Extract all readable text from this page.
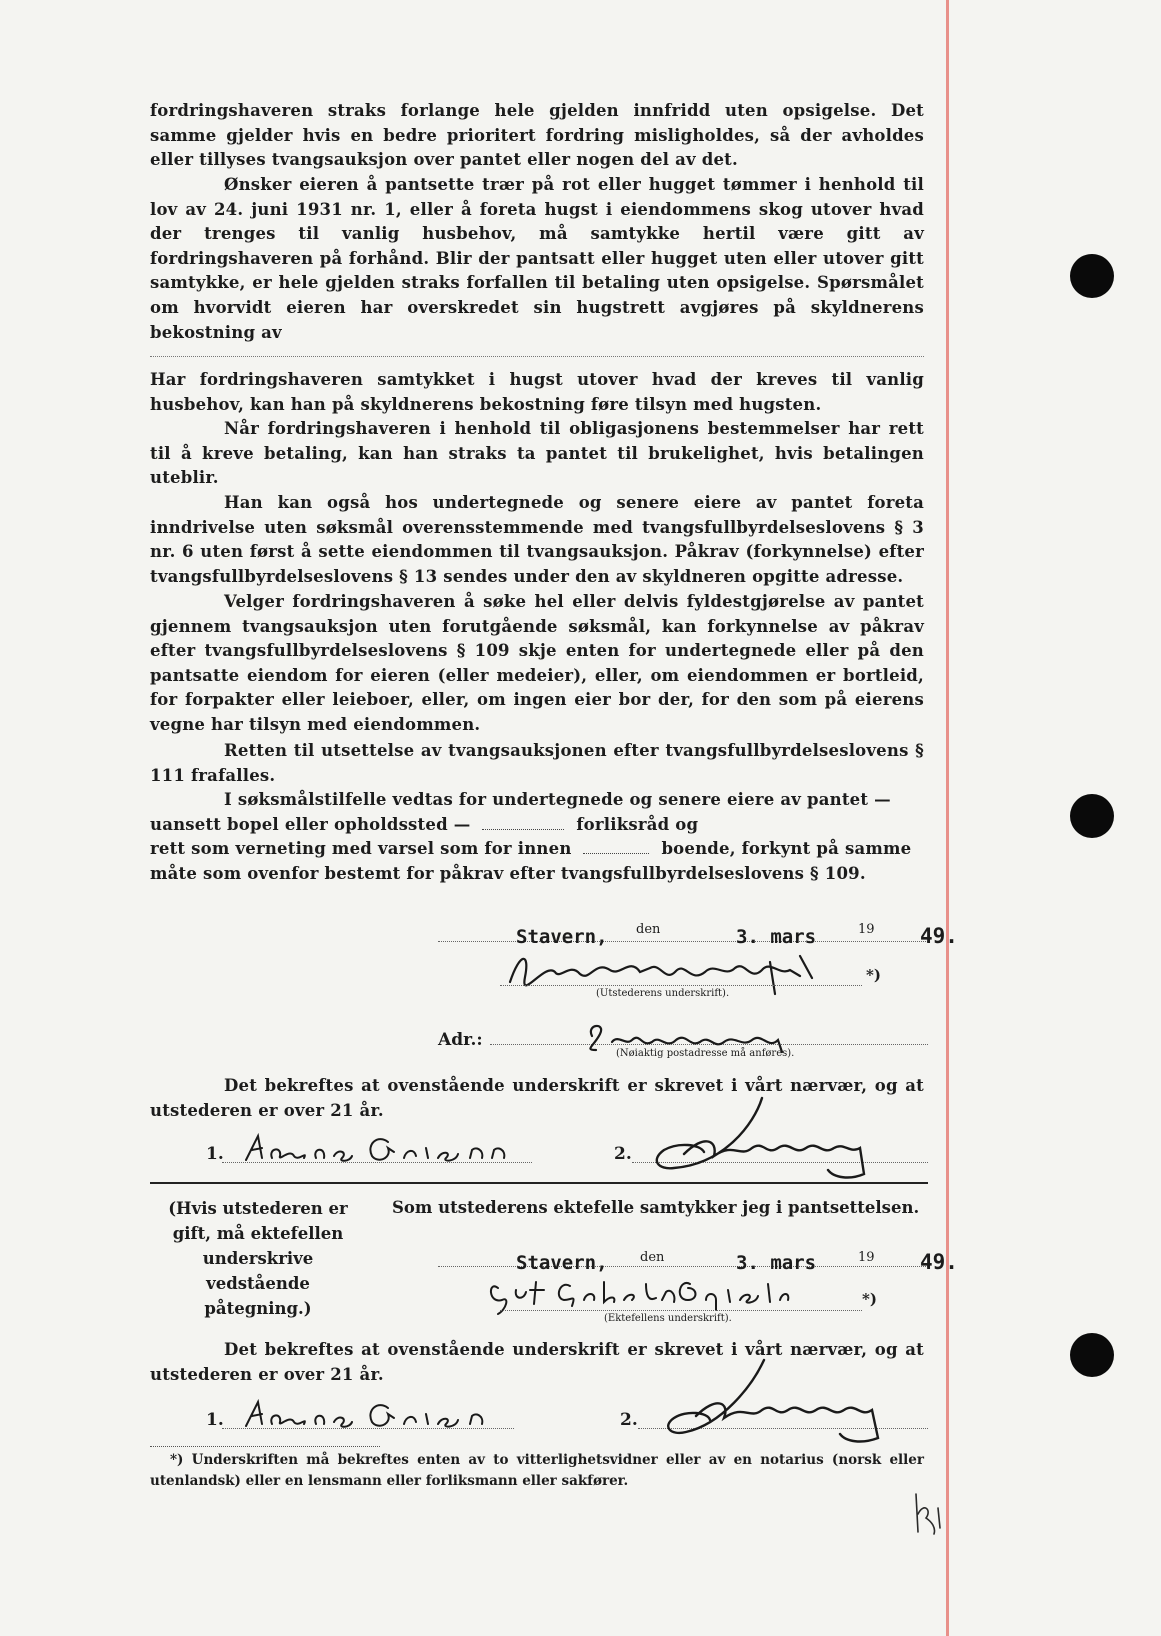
fordringshaveren straks forlange hele gjelden innfridd uten opsigelse. Det samme gjelder hvis en bedre prioritert fordring misligholdes, så der avholdes eller tillyses tvangsauksjon over pantet eller nogen del av det.

Ønsker eieren å pantsette trær på rot eller hugget tømmer i henhold til lov av 24. juni 1931 nr. 1, eller å foreta hugst i eiendommens skog utover hvad der trenges til vanlig husbehov, må samtykke hertil være gitt av fordringshaveren på forhånd. Blir der pantsatt eller hugget uten eller utover gitt samtykke, er hele gjelden straks forfallen til betaling uten opsigelse. Spørsmålet om hvorvidt eieren har overskredet sin hugstrett avgjøres på skyldnerens bekostning av

Har fordringshaveren samtykket i hugst utover hvad der kreves til vanlig husbehov, kan han på skyldnerens bekostning føre tilsyn med hugsten.

Når fordringshaveren i henhold til obligasjonens bestemmelser har rett til å kreve betaling, kan han straks ta pantet til brukelighet, hvis betalingen uteblir.

Han kan også hos undertegnede og senere eiere av pantet foreta inndrivelse uten søksmål overensstemmende med tvangsfullbyrdelseslovens § 3 nr. 6 uten først å sette eiendommen til tvangsauksjon. Påkrav (forkynnelse) efter tvangsfullbyrdelseslovens § 13 sendes under den av skyldneren opgitte adresse.

Velger fordringshaveren å søke hel eller delvis fyldestgjørelse av pantet gjennem tvangsauksjon uten forutgående søksmål, kan forkynnelse av påkrav efter tvangsfullbyrdelseslovens § 109 skje enten for undertegnede eller på den pantsatte eiendom for eieren (eller medeier), eller, om eiendommen er bortleid, for forpakter eller leieboer, eller, om ingen eier bor der, for den som på eierens vegne har tilsyn med eiendommen.

Retten til utsettelse av tvangsauksjonen efter tvangsfullbyrdelseslovens § 111 frafalles.

I søksmålstilfelle vedtas for undertegnede og senere eiere av pantet —
uansett bopel eller opholdssted —	forliksråd og
rett som verneting med varsel som for innen	boende, forkynt på samme måte som ovenfor bestemt for påkrav efter tvangsfullbyrdelseslovens § 109.
Stavern, den	3. mars	19 49.
*)
(Utstederens underskrift).
Adr.:
(Nøiaktig postadresse må anføres).

Det bekreftes at ovenstående underskrift er skrevet i vårt nærvær, og at utstederen er over 21 år.

1.	2.
(Hvis utstederen er gift, må ektefellen underskrive vedstående påtegning.)
Som utstederens ektefelle samtykker jeg i pantsettelsen.
Stavern, den	3. mars	19 49.
*)
(Ektefellens underskrift).

Det bekreftes at ovenstående underskrift er skrevet i vårt nærvær, og at utstederen er over 21 år.

1.	2.

*) Underskriften må bekreftes enten av to vitterlighetsvidner eller av en notarius (norsk eller utenlandsk) eller en lensmann eller forliksmann eller sakfører.
